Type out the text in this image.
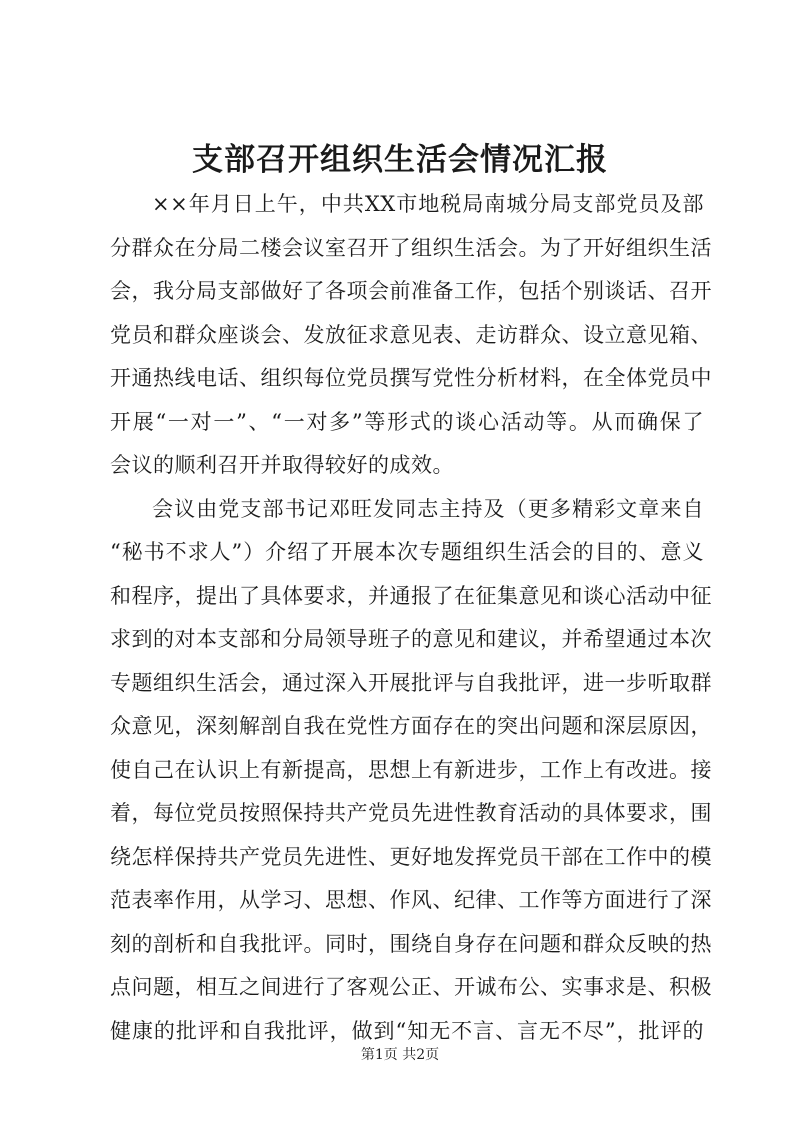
支部召开组织生活会情况汇报
××年月日上午，中共XX市地税局南城分局支部党员及部
分群众在分局二楼会议室召开了组织生活会。为了开好组织生活
会，我分局支部做好了各项会前准备工作，包括个别谈话、召开
党员和群众座谈会、发放征求意见表、走访群众、设立意见箱、
开通热线电话、组织每位党员撰写党性分析材料，在全体党员中
开展“一对一”、“一对多”等形式的谈心活动等。从而确保了
会议的顺利召开并取得较好的成效。
会议由党支部书记邓旺发同志主持及（更多精彩文章来自
“秘书不求人”）介绍了开展本次专题组织生活会的目的、意义
和程序，提出了具体要求，并通报了在征集意见和谈心活动中征
求到的对本支部和分局领导班子的意见和建议，并希望通过本次
专题组织生活会，通过深入开展批评与自我批评，进一步听取群
众意见，深刻解剖自我在党性方面存在的突出问题和深层原因，
使自己在认识上有新提高，思想上有新进步，工作上有改进。接
着，每位党员按照保持共产党员先进性教育活动的具体要求，围
绕怎样保持共产党员先进性、更好地发挥党员干部在工作中的模
范表率作用，从学习、思想、作风、纪律、工作等方面进行了深
刻的剖析和自我批评。同时，围绕自身存在问题和群众反映的热
点问题，相互之间进行了客观公正、开诚布公、实事求是、积极
健康的批评和自我批评，做到“知无不言、言无不尽”，批评的
第1页 共2页
